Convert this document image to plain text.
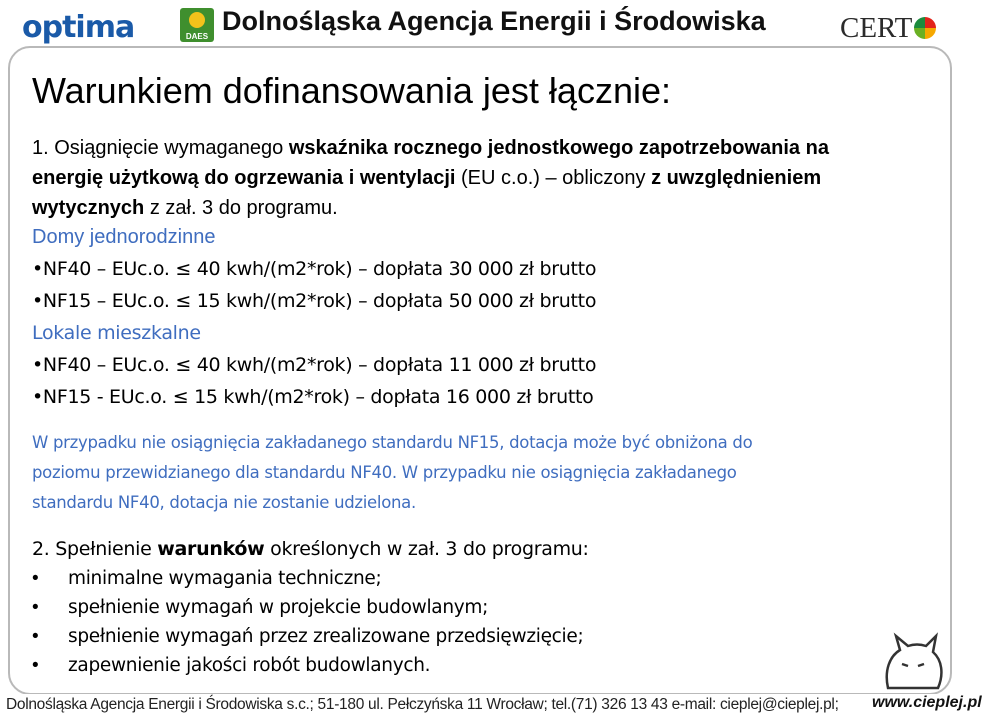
optima	DAES
Dolnośląska Agencja Energii i Środowiska	CERT
Warunkiem dofinansowania jest łącznie:
1. Osiągnięcie wymaganego wskaźnika rocznego jednostkowego zapotrzebowania na
energię użytkową do ogrzewania i wentylacji (EU c.o.) – obliczony z uwzględnieniem
wytycznych z zał. 3 do programu.
Domy jednorodzinne
•NF40 – EUc.o. ≤ 40 kwh/(m2*rok) – dopłata 30 000 zł brutto
•NF15 – EUc.o. ≤ 15 kwh/(m2*rok) – dopłata 50 000 zł brutto
Lokale mieszkalne
•NF40 – EUc.o. ≤ 40 kwh/(m2*rok) – dopłata 11 000 zł brutto
•NF15 - EUc.o. ≤ 15 kwh/(m2*rok) – dopłata 16 000 zł brutto
W przypadku nie osiągnięcia zakładanego standardu NF15, dotacja może być obniżona do
poziomu przewidzianego dla standardu NF40. W przypadku nie osiągnięcia zakładanego
standardu NF40, dotacja nie zostanie udzielona.
2. Spełnienie warunków określonych w zał. 3 do programu:
• minimalne wymagania techniczne;
• spełnienie wymagań w projekcie budowlanym;
• spełnienie wymagań przez zrealizowane przedsięwzięcie;
• zapewnienie jakości robót budowlanych.
Dolnośląska Agencja Energii i Środowiska s.c.; 51-180 ul. Pełczyńska 11 Wrocław; tel.(71) 326 13 43 e-mail: cieplej@cieplej.pl; www.cieplej.pl
